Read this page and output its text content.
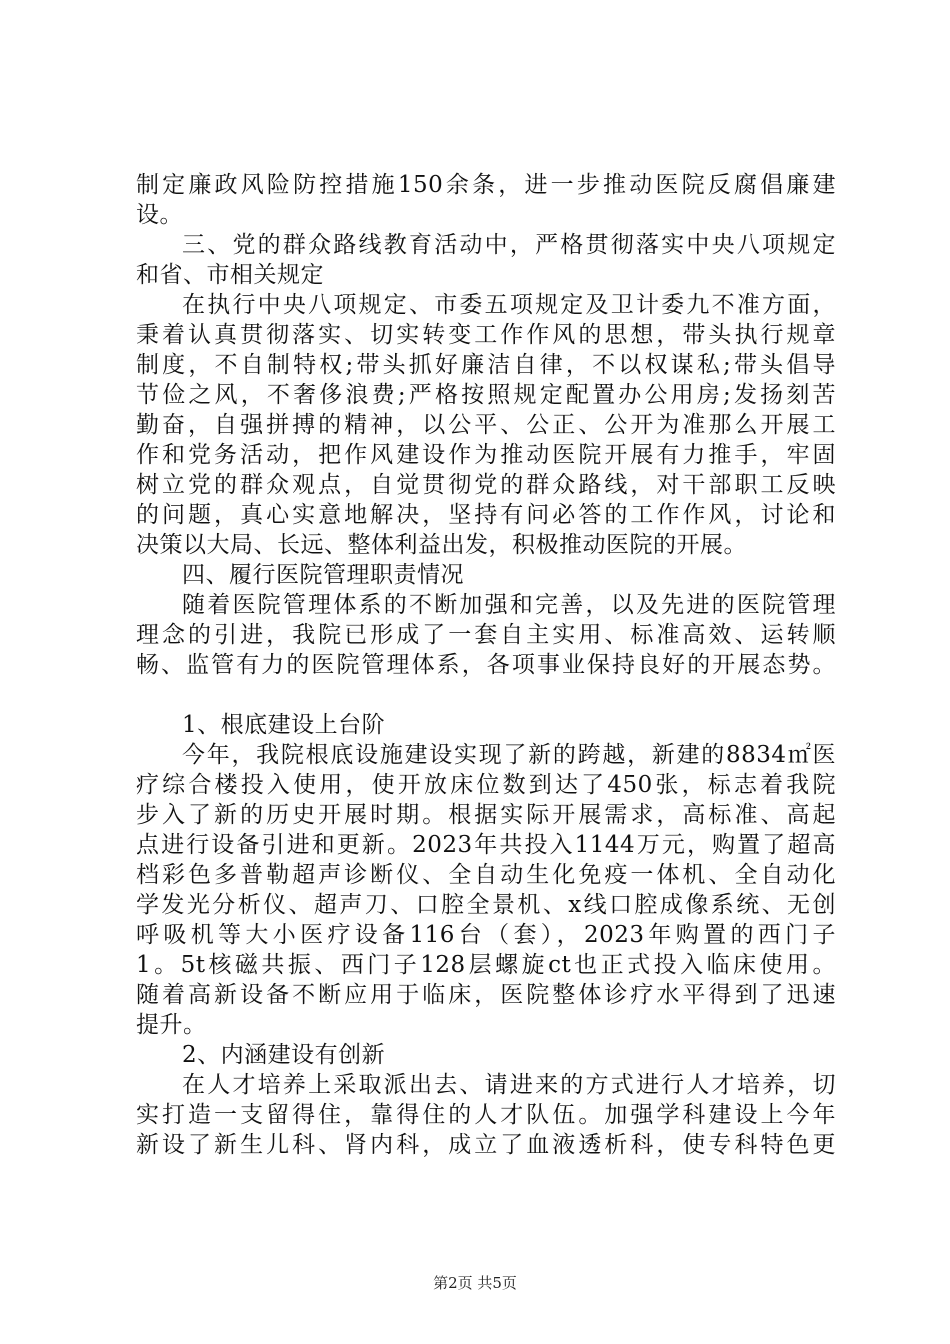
制定廉政风险防控措施150余条，进一步推动医院反腐倡廉建
设。
三、党的群众路线教育活动中，严格贯彻落实中央八项规定
和省、市相关规定
在执行中央八项规定、市委五项规定及卫计委九不准方面，
秉着认真贯彻落实、切实转变工作作风的思想，带头执行规章
制度，不自制特权;带头抓好廉洁自律，不以权谋私;带头倡导
节俭之风，不奢侈浪费;严格按照规定配置办公用房;发扬刻苦
勤奋，自强拼搏的精神，以公平、公正、公开为准那么开展工
作和党务活动，把作风建设作为推动医院开展有力推手，牢固
树立党的群众观点，自觉贯彻党的群众路线，对干部职工反映
的问题，真心实意地解决，坚持有问必答的工作作风，讨论和
决策以大局、长远、整体利益出发，积极推动医院的开展。
四、履行医院管理职责情况
随着医院管理体系的不断加强和完善，以及先进的医院管理
理念的引进，我院已形成了一套自主实用、标准高效、运转顺
畅、监管有力的医院管理体系，各项事业保持良好的开展态势。
1、根底建设上台阶
今年，我院根底设施建设实现了新的跨越，新建的8834㎡医
疗综合楼投入使用，使开放床位数到达了450张，标志着我院
步入了新的历史开展时期。根据实际开展需求，高标准、高起
点进行设备引进和更新。2023年共投入1144万元，购置了超高
档彩色多普勒超声诊断仪、全自动生化免疫一体机、全自动化
学发光分析仪、超声刀、口腔全景机、x线口腔成像系统、无创
呼吸机等大小医疗设备116台（套），2023年购置的西门子
1。5t核磁共振、西门子128层螺旋ct也正式投入临床使用。
随着高新设备不断应用于临床，医院整体诊疗水平得到了迅速
提升。
2、内涵建设有创新
在人才培养上采取派出去、请进来的方式进行人才培养，切
实打造一支留得住，靠得住的人才队伍。加强学科建设上今年
新设了新生儿科、肾内科，成立了血液透析科，使专科特色更
第2页 共5页
